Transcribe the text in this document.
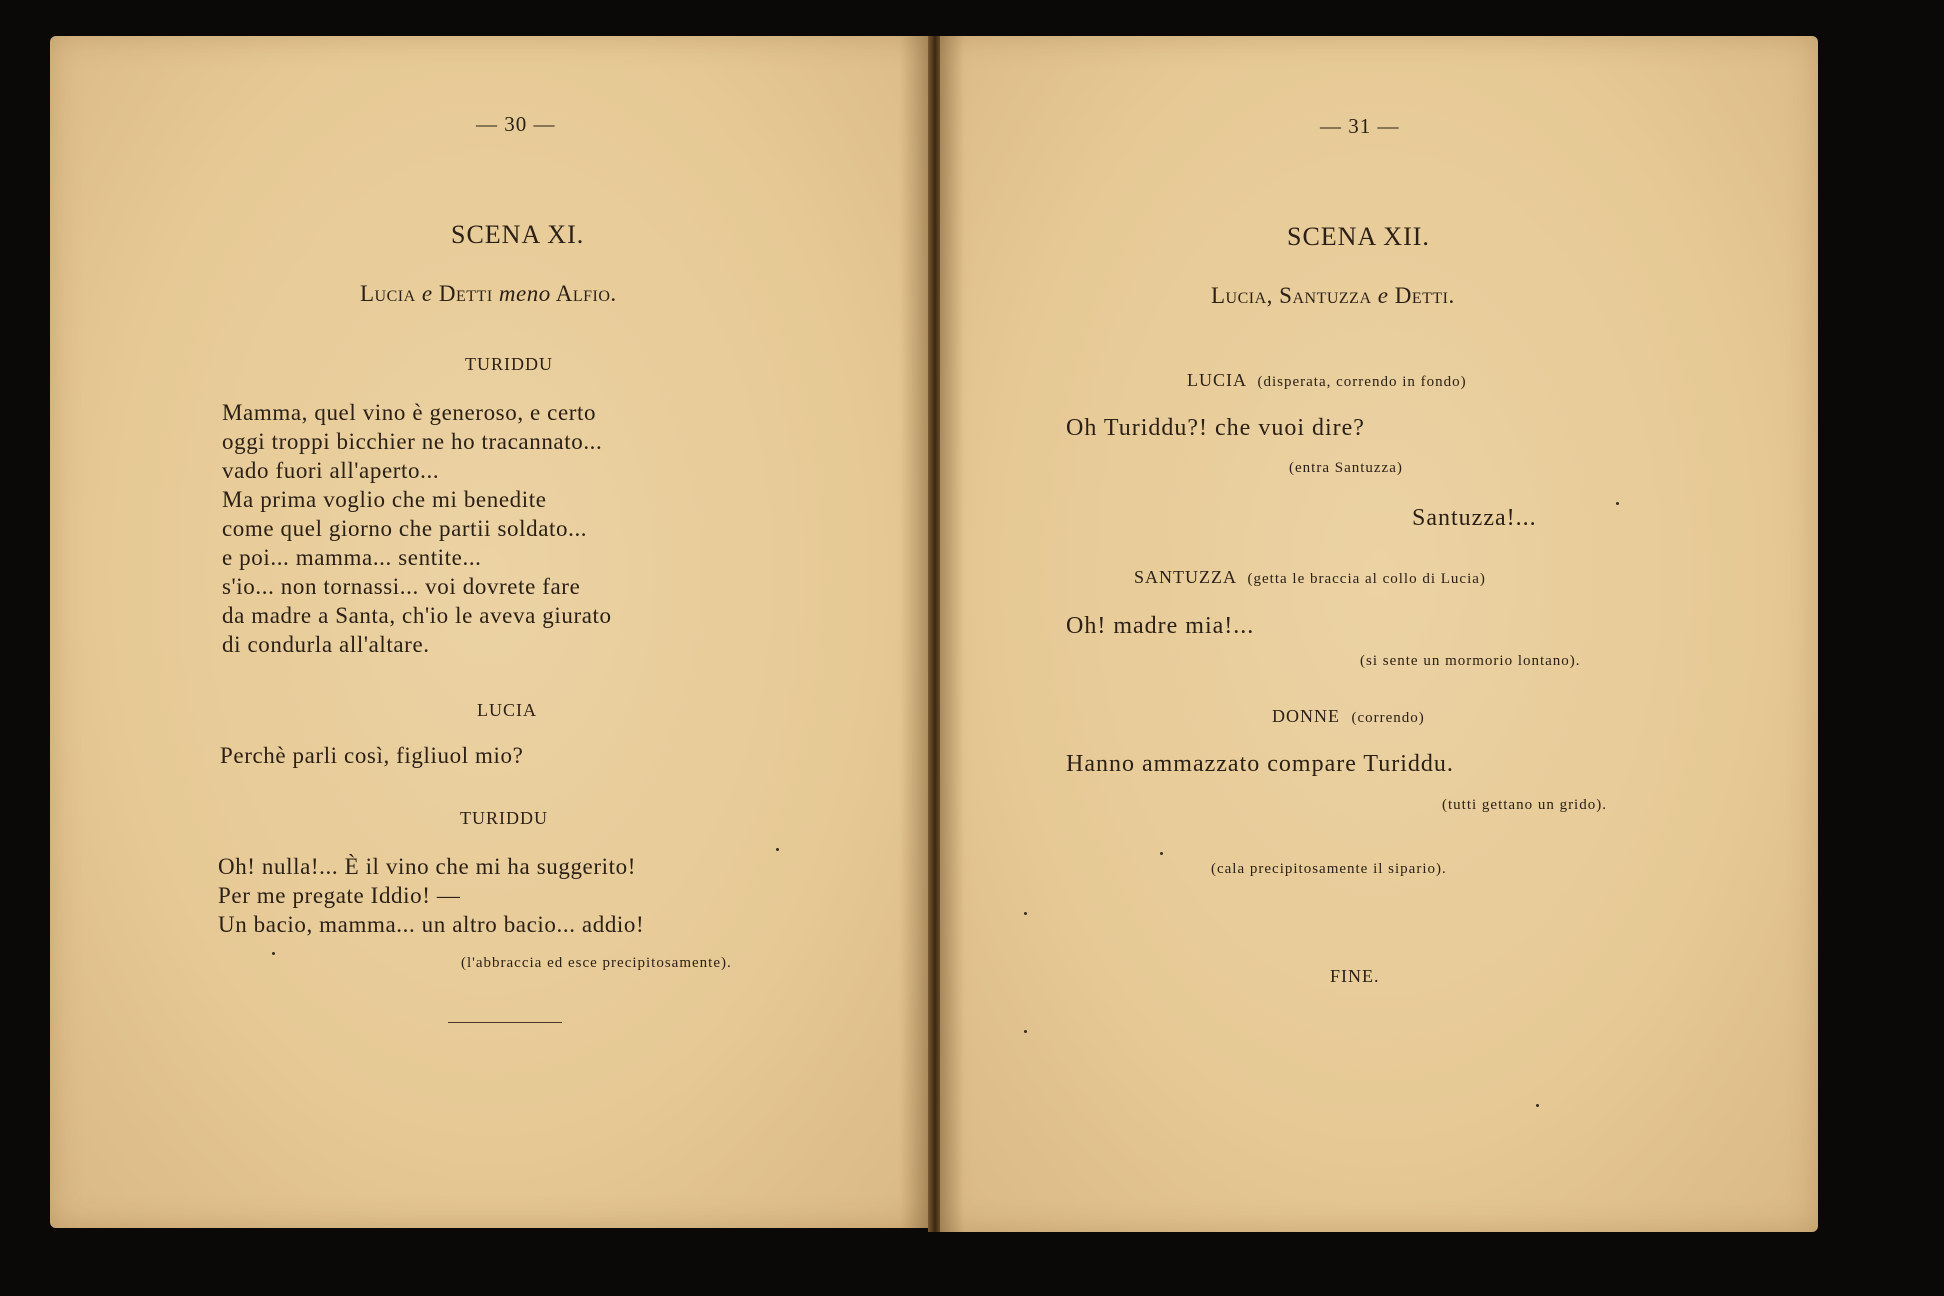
— 30 —
SCENA XI.
Lucia e Detti meno Alfio.
TURIDDU
Mamma, quel vino è generoso, e certo
oggi troppi bicchier ne ho tracannato...
vado fuori all'aperto...
Ma prima voglio che mi benedite
come quel giorno che partii soldato...
e poi... mamma... sentite...
s'io... non tornassi... voi dovrete fare
da madre a Santa, ch'io le aveva giurato
di condurla all'altare.
LUCIA
Perchè parli così, figliuol mio?
TURIDDU
Oh! nulla!... È il vino che mi ha suggerito!
Per me pregate Iddio! —
Un bacio, mamma... un altro bacio... addio!
(l'abbraccia ed esce precipitosamente).
— 31 —
SCENA XII.
Lucia, Santuzza e Detti.
LUCIA (disperata, correndo in fondo)
Oh Turiddu?! che vuoi dire?
(entra Santuzza)
Santuzza!...
SANTUZZA (getta le braccia al collo di Lucia)
Oh! madre mia!...
(si sente un mormorio lontano).
DONNE (correndo)
Hanno ammazzato compare Turiddu.
(tutti gettano un grido).
(cala precipitosamente il sipario).
FINE.
